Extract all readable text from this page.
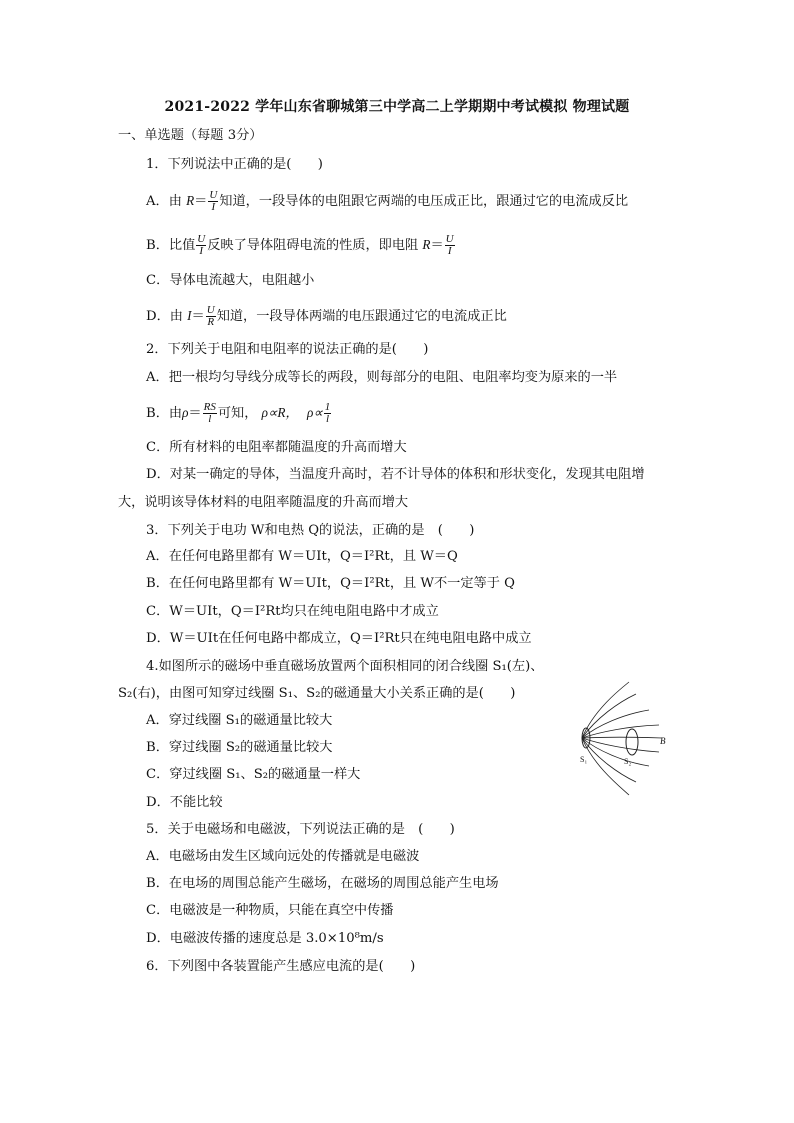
2021-2022 学年山东省聊城第三中学高二上学期期中考试模拟 物理试题
一、单选题（每题 3分）
1．下列说法中正确的是(　　)
A．由 $R= \frac{U}{I}$ 知道，一段导体的电阻跟它两端的电压成正比，跟通过它的电流成反比
B．比值 $\frac{U}{I}$ 反映了导体阻碍电流的性质，即电阻 $R= \frac{U}{I}$
C．导体电流越大，电阻越小
D．由 $I= \frac{U}{R}$ 知道，一段导体两端的电压跟通过它的电流成正比
2．下列关于电阻和电阻率的说法正确的是(　　)
A．把一根均匀导线分成等长的两段，则每部分的电阻、电阻率均变为原来的一半
B．由$\rho= \frac{RS}{l}$ 可知， ρ∝R， $\rho\propto \frac{1}{l}$
C．所有材料的电阻率都随温度的升高而增大
D．对某一确定的导体，当温度升高时，若不计导体的体积和形状变化，发现其电阻增
大，说明该导体材料的电阻率随温度的升高而增大
3．下列关于电功 W和电热 Q的说法，正确的是　(　　)
A．在任何电路里都有 W＝UIt，Q＝I²Rt，且 W＝Q
B．在任何电路里都有 W＝UIt，Q＝I²Rt，且 W不一定等于 Q
C．W＝UIt，Q＝I²Rt均只在纯电阻电路中才成立
D．W＝UIt在任何电路中都成立，Q＝I²Rt只在纯电阻电路中成立
4.如图所示的磁场中垂直磁场放置两个面积相同的闭合线圈 S₁(左)、
S₂(右)，由图可知穿过线圈 S₁、S₂的磁通量大小关系正确的是(　　)
A．穿过线圈 S₁的磁通量比较大
B．穿过线圈 S₂的磁通量比较大
C．穿过线圈 S₁、S₂的磁通量一样大
D．不能比较
B
S₁	S₂
5．关于电磁场和电磁波，下列说法正确的是　(　　)
A．电磁场由发生区域向远处的传播就是电磁波
B．在电场的周围总能产生磁场，在磁场的周围总能产生电场
C．电磁波是一种物质，只能在真空中传播
D．电磁波传播的速度总是 3.0×10⁸m/s
6．下列图中各装置能产生感应电流的是(　　)
